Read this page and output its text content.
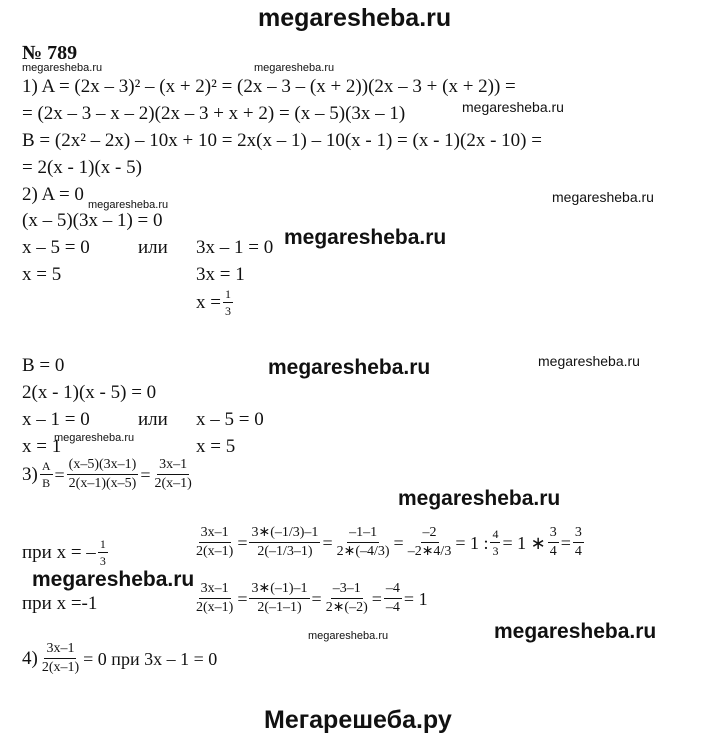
megaresheba.ru
№ 789
megaresheba.ru	megaresheba.ru
1) A = (2x – 3)² – (x + 2)² = (2x – 3 – (x + 2))(2x – 3 + (x + 2)) =
= (2x – 3 – x – 2)(2x – 3 + x + 2) = (x – 5)(3x – 1)	megaresheba.ru
B = (2x² – 2x) – 10x + 10 = 2x(x – 1) – 10(x - 1) = (x - 1)(2x - 10) =
= 2(x - 1)(x - 5)
2) A = 0	megaresheba.ru
megaresheba.ru
(x – 5)(3x – 1) = 0
x – 5 = 0	или 3x – 1 = 0 megaresheba.ru
x = 5	3x = 1
$x = \frac{1}{3}$
B = 0	megaresheba.ru	megaresheba.ru
2(x - 1)(x - 5) = 0
x – 1 = 0	или x – 5 = 0
x = 1	x = 5
megaresheba.ru
$3) \frac{A}{B} = \frac{(x-5)(3x-1)}{2(x-1)(x-5)} = \frac{3x-1}{2(x-1)}$
megaresheba.ru
при x = – $\frac{1}{3}$	$\frac{3x-1}{2(x-1)} = \frac{3∗(-1/3)-1}{2(-1/3-1)} = \frac{-1-1}{2∗(-4/3)} = \frac{-2}{-2∗4/3} = 1$ : $\frac{4}{3} = 1$ ∗ $\frac{3}{4} = \frac{3}{4}$
megaresheba.ru
при x =-1	$\frac{3x-1}{2(x-1)} = \frac{3∗(-1)-1}{2(-1-1)} = \frac{-3-1}{2∗(-2)} = \frac{-4}{-4} = 1$
megaresheba.ru	megaresheba.ru
$4) \frac{3x-1}{2(x-1)} = 0$ при 3x – 1 = 0
Мегарешеба.ру
